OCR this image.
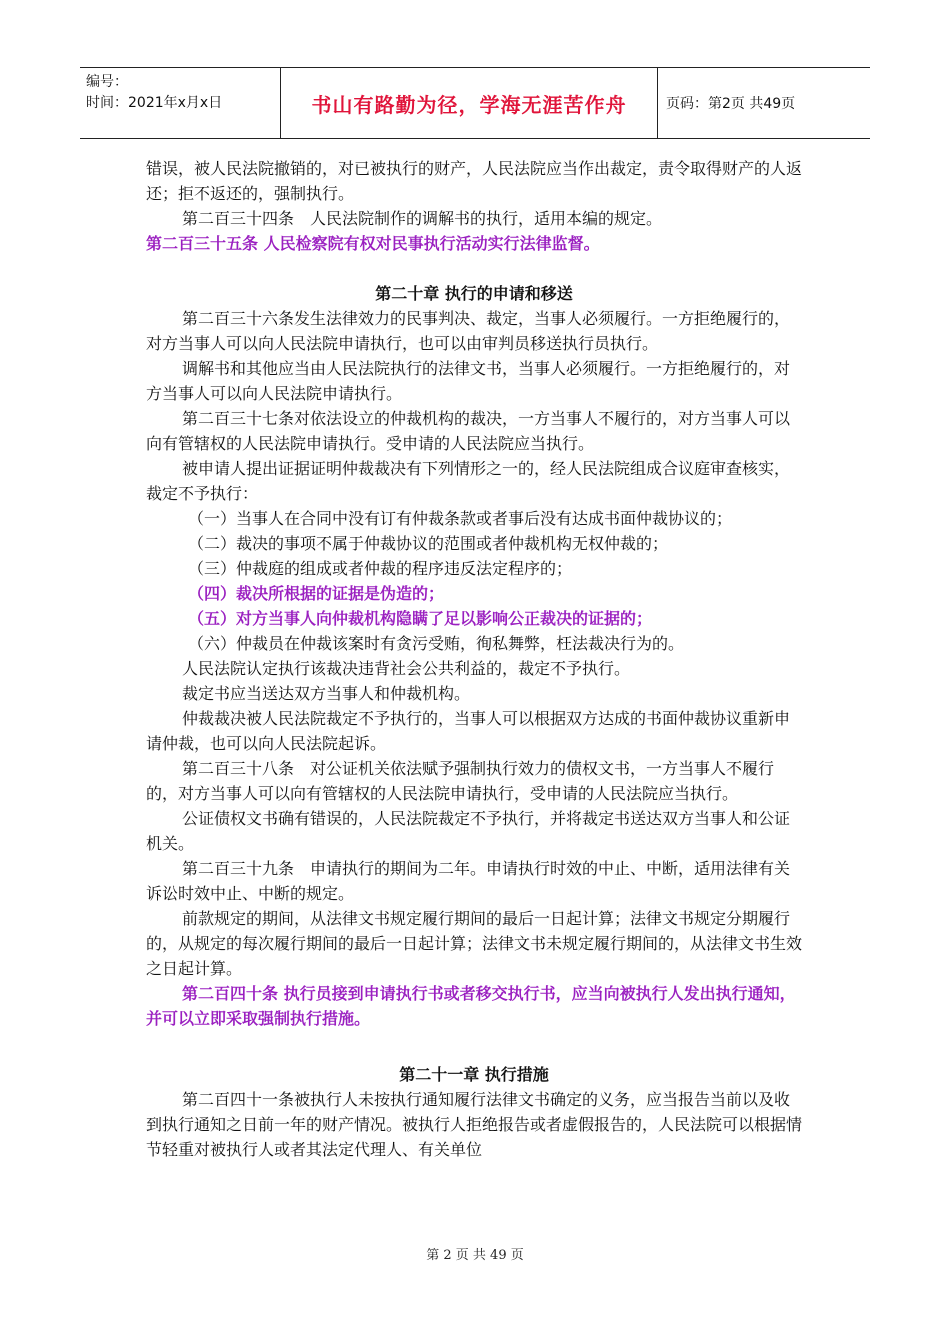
编号：
时间：2021年x月x日	书山有路勤为径，学海无涯苦作舟	页码：第2页 共49页

错误，被人民法院撤销的，对已被执行的财产，人民法院应当作出裁定，责令取得财产的人返还；拒不返还的，强制执行。

第二百三十四条　人民法院制作的调解书的执行，适用本编的规定。

第二百三十五条 人民检察院有权对民事执行活动实行法律监督。

第二十章 执行的申请和移送

第二百三十六条发生法律效力的民事判决、裁定，当事人必须履行。一方拒绝履行的，对方当事人可以向人民法院申请执行，也可以由审判员移送执行员执行。

调解书和其他应当由人民法院执行的法律文书，当事人必须履行。一方拒绝履行的，对方当事人可以向人民法院申请执行。

第二百三十七条对依法设立的仲裁机构的裁决，一方当事人不履行的，对方当事人可以向有管辖权的人民法院申请执行。受申请的人民法院应当执行。

被申请人提出证据证明仲裁裁决有下列情形之一的，经人民法院组成合议庭审查核实，裁定不予执行：

（一）当事人在合同中没有订有仲裁条款或者事后没有达成书面仲裁协议的；

（二）裁决的事项不属于仲裁协议的范围或者仲裁机构无权仲裁的；

（三）仲裁庭的组成或者仲裁的程序违反法定程序的；

（四）裁决所根据的证据是伪造的；

（五）对方当事人向仲裁机构隐瞒了足以影响公正裁决的证据的；

（六）仲裁员在仲裁该案时有贪污受贿，徇私舞弊，枉法裁决行为的。

人民法院认定执行该裁决违背社会公共利益的，裁定不予执行。

裁定书应当送达双方当事人和仲裁机构。

仲裁裁决被人民法院裁定不予执行的，当事人可以根据双方达成的书面仲裁协议重新申请仲裁，也可以向人民法院起诉。

第二百三十八条　对公证机关依法赋予强制执行效力的债权文书，一方当事人不履行的，对方当事人可以向有管辖权的人民法院申请执行，受申请的人民法院应当执行。

公证债权文书确有错误的，人民法院裁定不予执行，并将裁定书送达双方当事人和公证机关。

第二百三十九条　申请执行的期间为二年。申请执行时效的中止、中断，适用法律有关诉讼时效中止、中断的规定。

前款规定的期间，从法律文书规定履行期间的最后一日起计算；法律文书规定分期履行的，从规定的每次履行期间的最后一日起计算；法律文书未规定履行期间的，从法律文书生效之日起计算。

第二百四十条 执行员接到申请执行书或者移交执行书，应当向被执行人发出执行通知，并可以立即采取强制执行措施。

第二十一章 执行措施

第二百四十一条被执行人未按执行通知履行法律文书确定的义务，应当报告当前以及收到执行通知之日前一年的财产情况。被执行人拒绝报告或者虚假报告的，人民法院可以根据情节轻重对被执行人或者其法定代理人、有关单位

第 2 页 共 49 页
